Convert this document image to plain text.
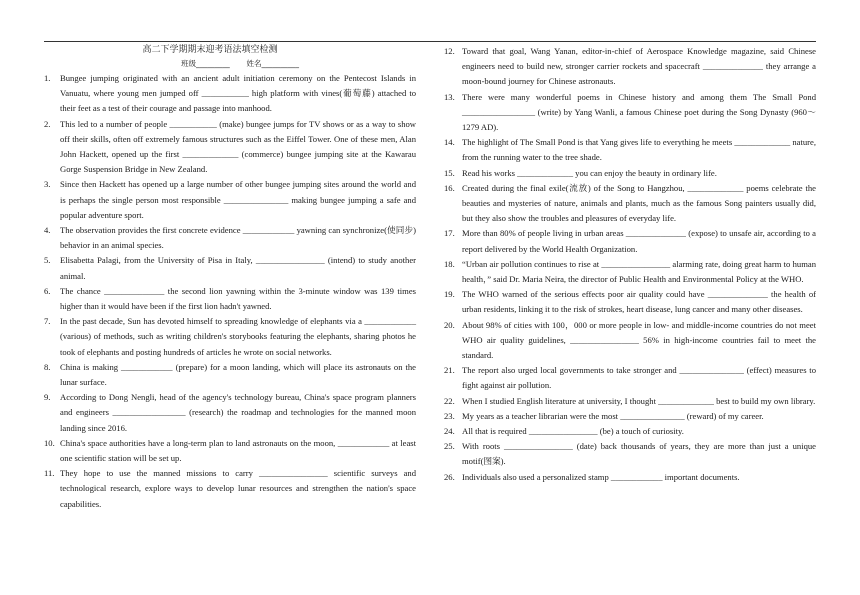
高二下学期期末迎考语法填空检测
班级_________ 姓名__________
1. Bungee jumping originated with an ancient adult initiation ceremony on the Pentecost Islands in Vanuatu, where young men jumped off ___________ high platform with vines(葡萄藤) attached to their feet as a test of their courage and passage into manhood.
2. This led to a number of people ___________ (make) bungee jumps for TV shows or as a way to show off their skills, often off extremely famous structures such as the Eiffel Tower. One of these men, Alan John Hackett, opened up the first _____________ (commerce) bungee jumping site at the Kawarau Gorge Suspension Bridge in New Zealand.
3. Since then Hackett has opened up a large number of other bungee jumping sites around the world and is perhaps the single person most responsible _______________ making bungee jumping a safe and popular adventure sport.
4. The observation provides the first concrete evidence ____________ yawning can synchronize(使同步) behavior in an animal species.
5. Elisabetta Palagi, from the University of Pisa in Italy, ________________ (intend) to study another animal.
6. The chance ______________ the second lion yawning within the 3-minute window was 139 times higher than it would have been if the first lion hadn't yawned.
7. In the past decade, Sun has devoted himself to spreading knowledge of elephants via a ____________ (various) of methods, such as writing children's storybooks featuring the elephants, sharing photos he took of elephants and posting hundreds of articles he wrote on social networks.
8. China is making ____________ (prepare) for a moon landing, which will place its astronauts on the lunar surface.
9. According to Dong Nengli, head of the agency's technology bureau, China's space program planners and engineers _________________ (research) the roadmap and technologies for the manned moon landing since 2016.
10. China's space authorities have a long-term plan to land astronauts on the moon, ____________ at least one scientific station will be set up.
11. They hope to use the manned missions to carry ________________ scientific surveys and technological research, explore ways to develop lunar resources and strengthen the nation's space capabilities.
12. Toward that goal, Wang Yanan, editor-in-chief of Aerospace Knowledge magazine, said Chinese engineers need to build new, stronger carrier rockets and spacecraft ______________ they arrange a moon-bound journey for Chinese astronauts.
13. There were many wonderful poems in Chinese history and among them The Small Pond _________________ (write) by Yang Wanli, a famous Chinese poet during the Song Dynasty (960～1279 AD).
14. The highlight of The Small Pond is that Yang gives life to everything he meets _____________ nature, from the running water to the tree shade.
15. Read his works _____________ you can enjoy the beauty in ordinary life.
16. Created during the final exile(流放) of the Song to Hangzhou, _____________ poems celebrate the beauties and mysteries of nature, animals and plants, much as the famous Song painters usually did, but they also show the troubles and pleasures of everyday life.
17. More than 80% of people living in urban areas ______________ (expose) to unsafe air, according to a report delivered by the World Health Organization.
18. “Urban air pollution continues to rise at ________________ alarming rate, doing great harm to human health，” said Dr. Maria Neira, the director of Public Health and Environmental Policy at the WHO.
19. The WHO warned of the serious effects poor air quality could have ______________ the health of urban residents, linking it to the risk of strokes, heart disease, lung cancer and many other diseases.
20. About 98% of cities with 100，000 or more people in low- and middle-income countries do not meet WHO air quality guidelines, ________________ 56% in high-income countries fail to meet the standard.
21. The report also urged local governments to take stronger and _______________ (effect) measures to fight against air pollution.
22. When I studied English literature at university, I thought _____________ best to build my own library.
23. My years as a teacher librarian were the most _______________ (reward) of my career.
24. All that is required ________________ (be) a touch of curiosity.
25. With roots ________________ (date) back thousands of years, they are more than just a unique motif(图案).
26. Individuals also used a personalized stamp ____________ important documents.
